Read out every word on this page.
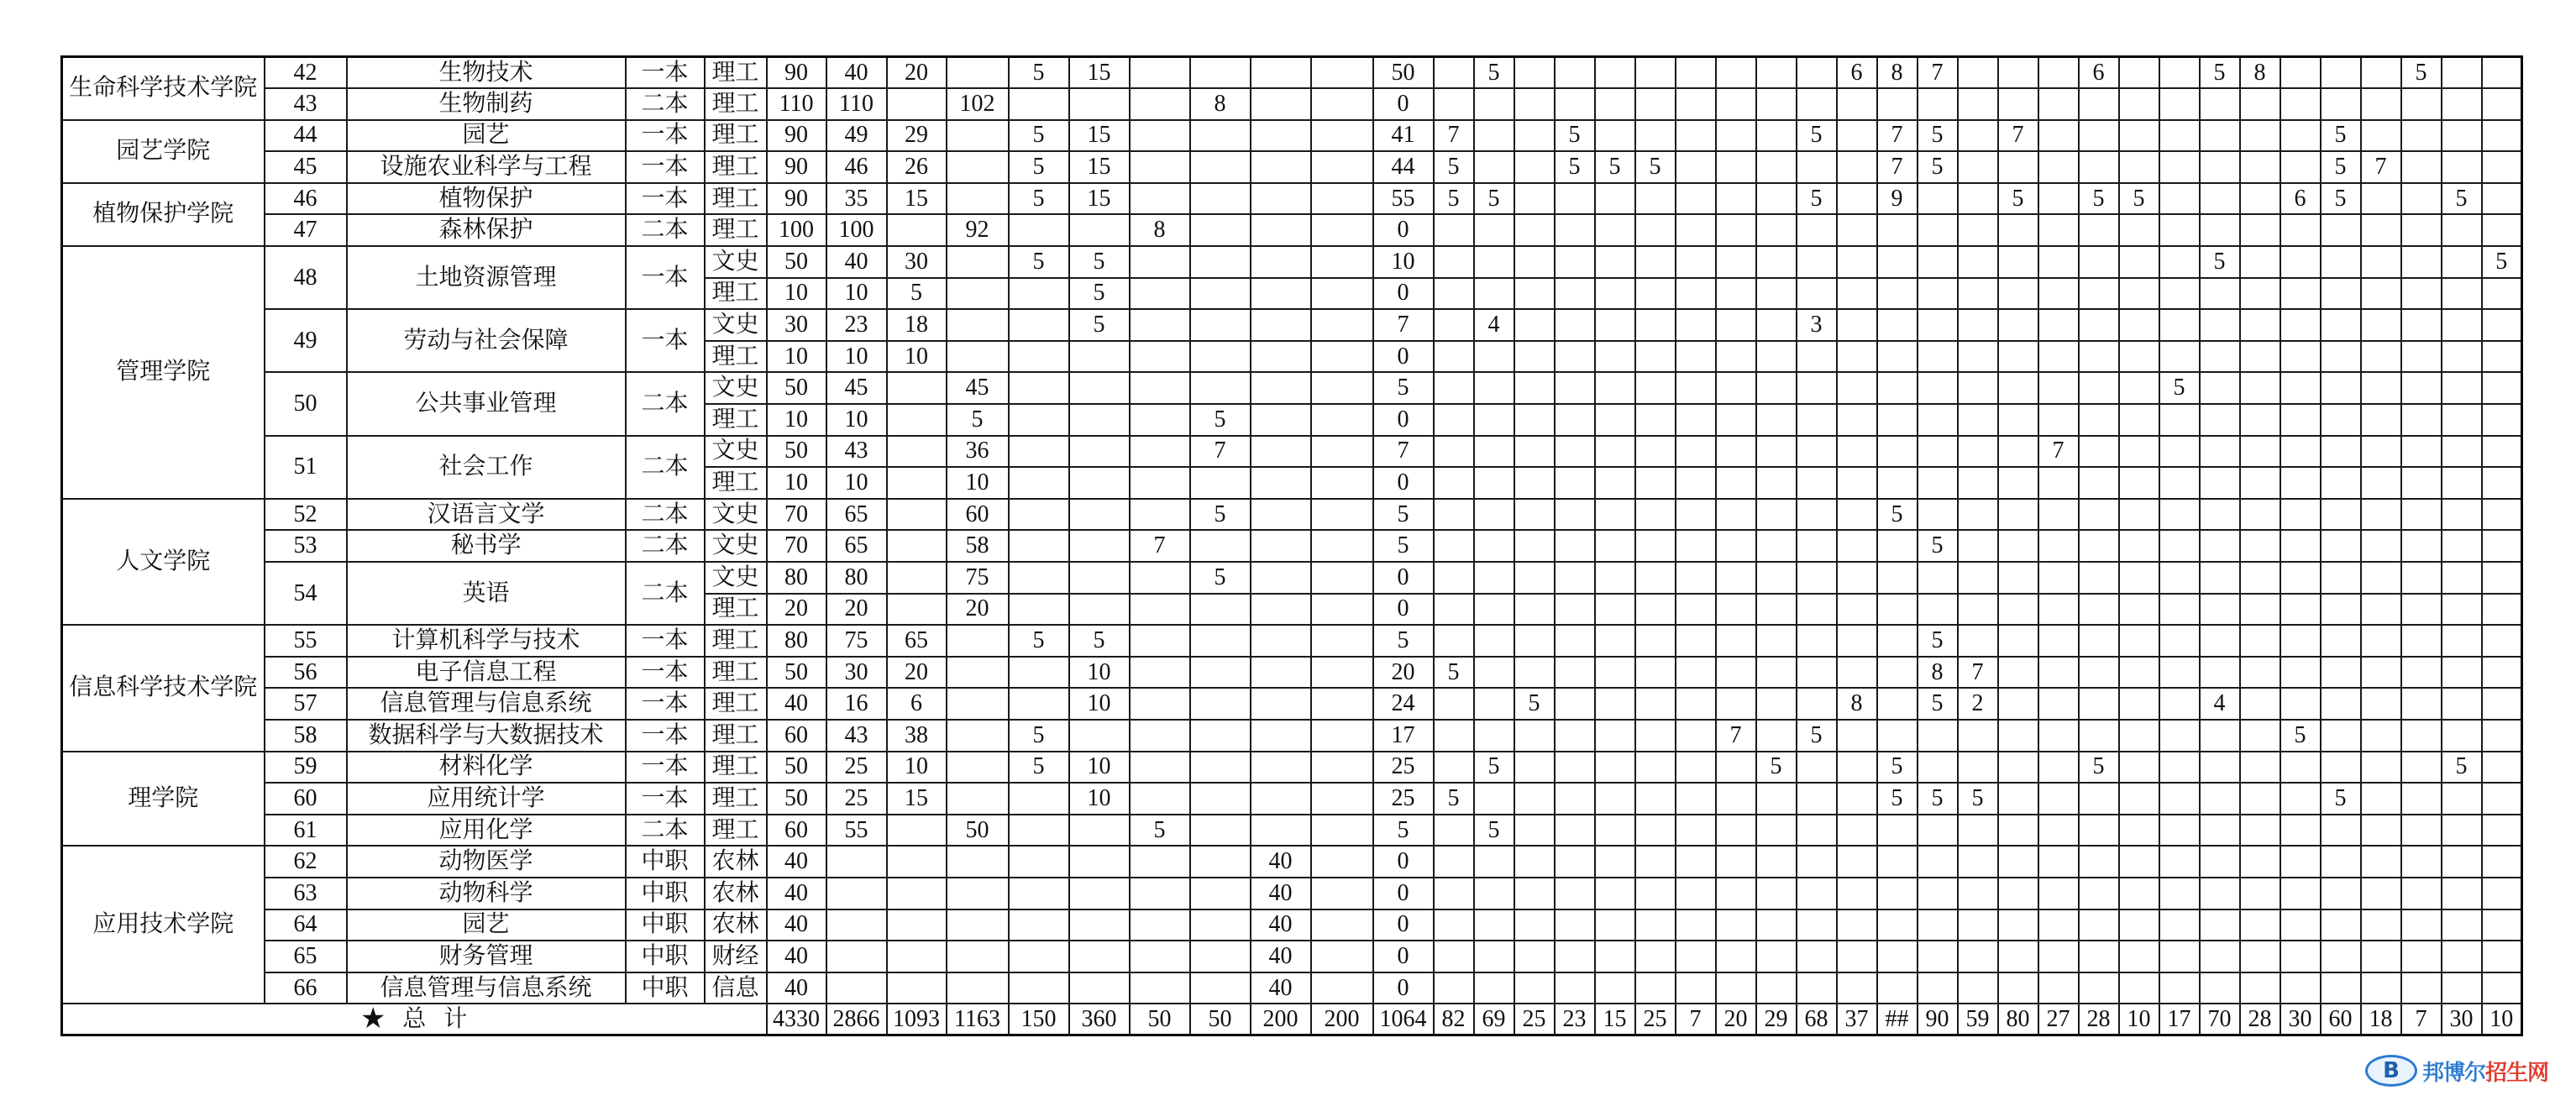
生命科学技术学院	42	生物技术	一本	理工	90	40	20		5	15					50		5									6	8	7				6			5	8				5		
	43	生物制药	二本	理工	110	110		102				8			0																											
园艺学院	44	园艺	一本	理工	90	49	29		5	15					41	7			5						5		7	5		7								5				
	45	设施农业科学与工程	一本	理工	90	46	26		5	15					44	5			5	5	5						7	5										5	7			
植物保护学院	46	植物保护	一本	理工	90	35	15		5	15					55	5	5								5		9			5		5	5				6	5			5	
	47	森林保护	二本	理工	100	100		92			8				0																											
管理学院	48	土地资源管理	一本	文史	50	40	30		5	5					10																				5							5
				理工	10	10	5			5					0																											
	49	劳动与社会保障	一本	文史	30	23	18			5					7		4								3																	
				理工	10	10	10								0																											
	50	公共事业管理	二本	文史	50	45		45							5																			5								
				理工	10	10		5				5			0																											
	51	社会工作	二本	文史	50	43		36				7			7																7											
				理工	10	10		10							0																											
人文学院	52	汉语言文学	二本	文史	70	65		60				5			5												5															
	53	秘书学	二本	文史	70	65		58			7				5													5														
	54	英语	二本	文史	80	80		75				5			0																											
				理工	20	20		20							0																											
信息科学技术学院	55	计算机科学与技术	一本	理工	80	75	65		5	5					5													5														
	56	电子信息工程	一本	理工	50	30	20			10					20	5												8	7													
	57	信息管理与信息系统	一本	理工	40	16	6			10					24			5								8		5	2						4							
	58	数据科学与大数据技术	一本	理工	60	43	38		5						17								7		5												5					
理学院	59	材料化学	一本	理工	50	25	10		5	10					25		5							5			5					5									5	
	60	应用统计学	一本	理工	50	25	15			10					25	5											5	5	5									5				
	61	应用化学	二本	理工	60	55		50			5				5		5																									
应用技术学院	62	动物医学	中职	农林	40								40		0																											
	63	动物科学	中职	农林	40								40		0																											
	64	园艺	中职	农林	40								40		0																											
	65	财务管理	中职	财经	40								40		0																											
	66	信息管理与信息系统	中职	信息	40								40		0																											
★ 总 计					4330	2866	1093	1163	150	360	50	50	200	200	1064	82	69	25	23	15	25	7	20	29	68	37	##	90	59	80	27	28	10	17	70	28	30	60	18	7	30	10
B	邦博尔 招生网
